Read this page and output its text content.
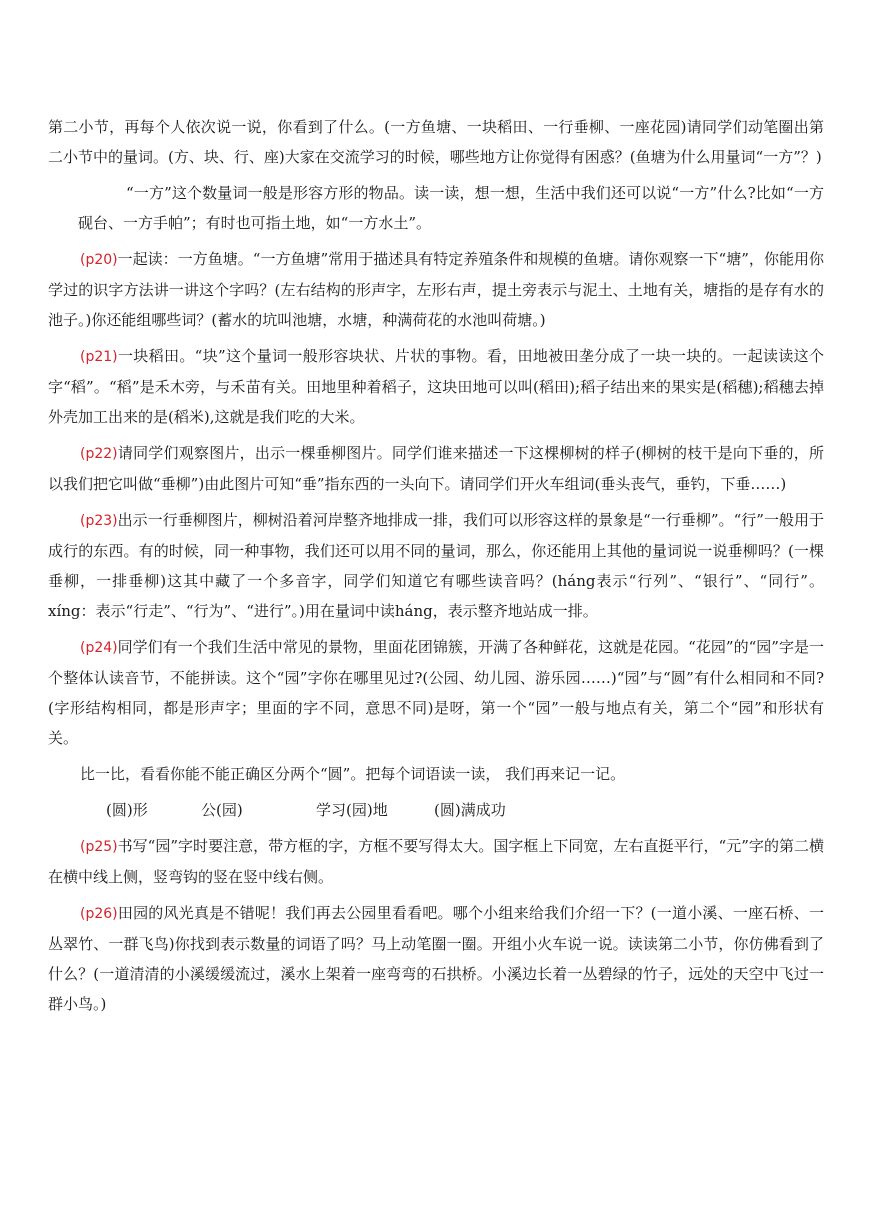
第二小节，再每个人依次说一说，你看到了什么。(一方鱼塘、一块稻田、一行垂柳、一座花园)请同学们动笔圈出第二小节中的量词。(方、块、行、座)大家在交流学习的时候，哪些地方让你觉得有困惑？(鱼塘为什么用量词“一方”？)

“一方”这个数量词一般是形容方形的物品。读一读，想一想，生活中我们还可以说“一方”什么?比如“一方砚台、一方手帕”；有时也可指土地，如“一方水土”。

(p20)一起读：一方鱼塘。“一方鱼塘”常用于描述具有特定养殖条件和规模的鱼塘。请你观察一下“塘”，你能用你学过的识字方法讲一讲这个字吗？(左右结构的形声字，左形右声，提土旁表示与泥土、土地有关，塘指的是存有水的池子。)你还能组哪些词？(蓄水的坑叫池塘，水塘，种满荷花的水池叫荷塘。)

(p21)一块稻田。“块”这个量词一般形容块状、片状的事物。看，田地被田垄分成了一块一块的。一起读读这个字“稻”。“稻”是禾木旁，与禾苗有关。田地里种着稻子，这块田地可以叫(稻田);稻子结出来的果实是(稻穗);稻穗去掉外壳加工出来的是(稻米),这就是我们吃的大米。

(p22)请同学们观察图片，出示一棵垂柳图片。同学们谁来描述一下这棵柳树的样子(柳树的枝干是向下垂的，所以我们把它叫做“垂柳”)由此图片可知“垂”指东西的一头向下。请同学们开火车组词(垂头丧气，垂钓，下垂……)

(p23)出示一行垂柳图片，柳树沿着河岸整齐地排成一排，我们可以形容这样的景象是“一行垂柳”。“行”一般用于成行的东西。有的时候，同一种事物，我们还可以用不同的量词，那么，你还能用上其他的量词说一说垂柳吗？(一棵垂柳，一排垂柳)这其中藏了一个多音字，同学们知道它有哪些读音吗？(háng表示“行列”、“银行”、“同行”。 xíng：表示“行走”、“行为”、“进行”。)用在量词中读háng，表示整齐地站成一排。

(p24)同学们有一个我们生活中常见的景物，里面花团锦簇，开满了各种鲜花，这就是花园。“花园”的“园”字是一个整体认读音节，不能拼读。这个“园”字你在哪里见过?(公园、幼儿园、游乐园……)“园”与“圆”有什么相同和不同?(字形结构相同，都是形声字；里面的字不同，意思不同)是呀，第一个“园”一般与地点有关，第二个“园”和形状有关。

比一比，看看你能不能正确区分两个“圆”。把每个词语读一读， 我们再来记一记。

(圆)形	公(园)	学习(园)地	(圆)满成功

(p25)书写“园”字时要注意，带方框的字，方框不要写得太大。国字框上下同宽，左右直挺平行，“元”字的第二横在横中线上侧，竖弯钩的竖在竖中线右侧。

(p26)田园的风光真是不错呢！我们再去公园里看看吧。哪个小组来给我们介绍一下？(一道小溪、一座石桥、一丛翠竹、一群飞鸟)你找到表示数量的词语了吗？马上动笔圈一圈。开组小火车说一说。读读第二小节，你仿佛看到了什么？(一道清清的小溪缓缓流过，溪水上架着一座弯弯的石拱桥。小溪边长着一丛碧绿的竹子，远处的天空中飞过一群小鸟。)
